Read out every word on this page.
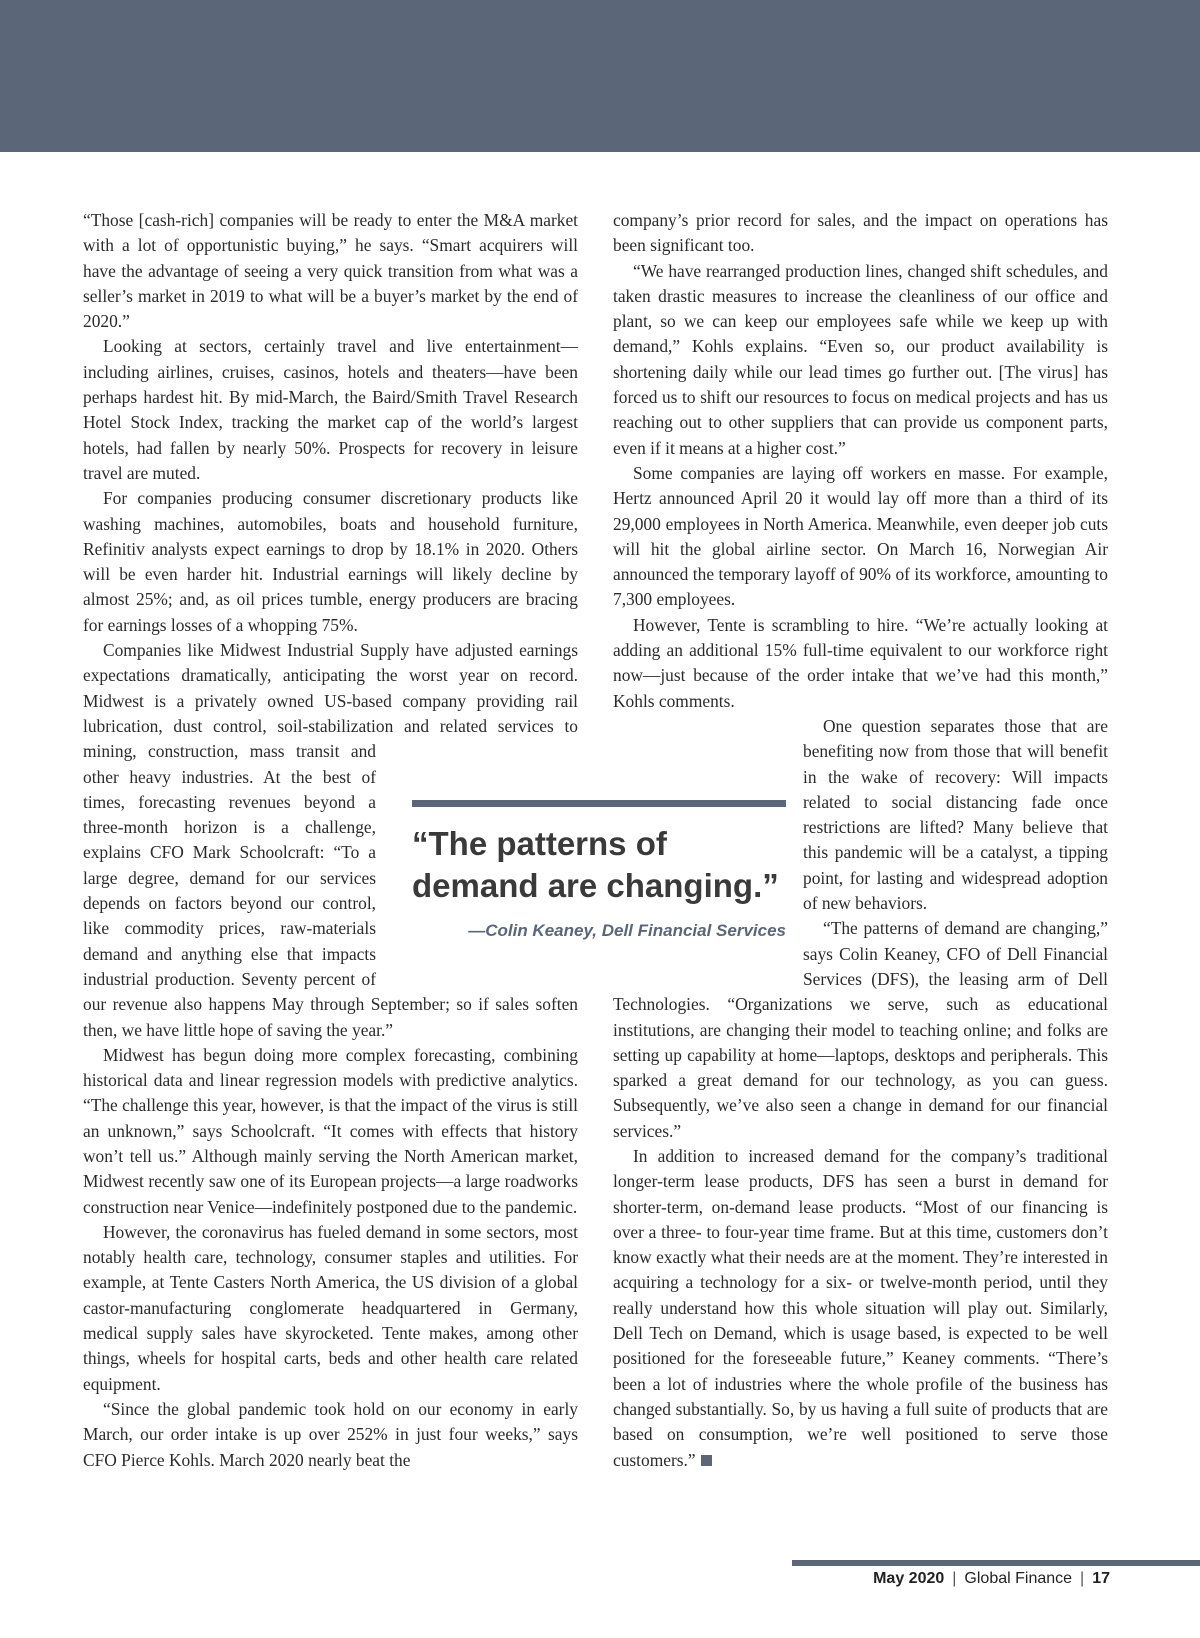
“Those [cash-rich] companies will be ready to enter the M&A market with a lot of opportunistic buying,” he says. “Smart acquirers will have the advantage of seeing a very quick transition from what was a seller’s market in 2019 to what will be a buyer’s market by the end of 2020.”

Looking at sectors, certainly travel and live entertainment—including airlines, cruises, casinos, hotels and theaters—have been perhaps hardest hit. By mid-March, the Baird/Smith Travel Research Hotel Stock Index, tracking the market cap of the world’s largest hotels, had fallen by nearly 50%. Prospects for recovery in leisure travel are muted.

For companies producing consumer discretionary products like washing machines, automobiles, boats and household furniture, Refinitiv analysts expect earnings to drop by 18.1% in 2020. Others will be even harder hit. Industrial earnings will likely decline by almost 25%; and, as oil prices tumble, energy producers are bracing for earnings losses of a whopping 75%.

Companies like Midwest Industrial Supply have adjusted earnings expectations dramatically, anticipating the worst year on record. Midwest is a privately owned US-based company providing rail lubrication, dust control, soil-stabilization and related services to mining, construction, mass transit and other heavy industries. At the best of times, forecasting revenues beyond a three-month horizon is a challenge, explains CFO Mark Schoolcraft: “To a large degree, demand for our services depends on factors beyond our control, like commodity prices, raw-materials demand and anything else that impacts industrial production. Seventy percent of our revenue also happens May through September; so if sales soften then, we have little hope of saving the year.”

Midwest has begun doing more complex forecasting, combining historical data and linear regression models with predictive analytics. “The challenge this year, however, is that the impact of the virus is still an unknown,” says Schoolcraft. “It comes with effects that history won’t tell us.” Although mainly serving the North American market, Midwest recently saw one of its European projects—a large roadworks construction near Venice—indefinitely postponed due to the pandemic.

However, the coronavirus has fueled demand in some sectors, most notably health care, technology, consumer staples and utilities. For example, at Tente Casters North America, the US division of a global castor-manufacturing conglomerate headquartered in Germany, medical supply sales have skyrocketed. Tente makes, among other things, wheels for hospital carts, beds and other health care related equipment.

“Since the global pandemic took hold on our economy in early March, our order intake is up over 252% in just four weeks,” says CFO Pierce Kohls. March 2020 nearly beat the

company’s prior record for sales, and the impact on operations has been significant too.

“We have rearranged production lines, changed shift schedules, and taken drastic measures to increase the cleanliness of our office and plant, so we can keep our employees safe while we keep up with demand,” Kohls explains. “Even so, our product availability is shortening daily while our lead times go further out. [The virus] has forced us to shift our resources to focus on medical projects and has us reaching out to other suppliers that can provide us component parts, even if it means at a higher cost.”

Some companies are laying off workers en masse. For example, Hertz announced April 20 it would lay off more than a third of its 29,000 employees in North America. Meanwhile, even deeper job cuts will hit the global airline sector. On March 16, Norwegian Air announced the temporary layoff of 90% of its workforce, amounting to 7,300 employees.

However, Tente is scrambling to hire. “We’re actually looking at adding an additional 15% full-time equivalent to our workforce right now—just because of the order intake that we’ve had this month,” Kohls comments.

One question separates those that are benefiting now from those that will benefit in the wake of recovery: Will impacts related to social distancing fade once restrictions are lifted? Many believe that this pandemic will be a catalyst, a tipping point, for lasting and widespread adoption of new behaviors.

“The patterns of demand are changing,” says Colin Keaney, CFO of Dell Financial Services (DFS), the leasing arm of Dell Technologies. “Organizations we serve, such as educational institutions, are changing their model to teaching online; and folks are setting up capability at home—laptops, desktops and peripherals. This sparked a great demand for our technology, as you can guess. Subsequently, we’ve also seen a change in demand for our financial services.”

In addition to increased demand for the company’s traditional longer-term lease products, DFS has seen a burst in demand for shorter-term, on-demand lease products. “Most of our financing is over a three- to four-year time frame. But at this time, customers don’t know exactly what their needs are at the moment. They’re interested in acquiring a technology for a six- or twelve-month period, until they really understand how this whole situation will play out. Similarly, Dell Tech on Demand, which is usage based, is expected to be well positioned for the foreseeable future,” Keaney comments. “There’s been a lot of industries where the whole profile of the business has changed substantially. So, by us having a full suite of products that are based on consumption, we’re well positioned to serve those customers.”

“The patterns of demand are changing.”

—Colin Keaney, Dell Financial Services
May 2020 | Global Finance | 17
